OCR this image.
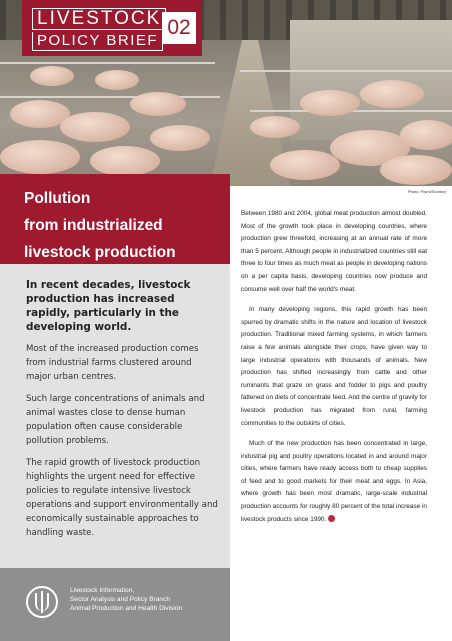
LIVESTOCK
POLICY BRIEF
02
Pollution
from industrialized
livestock production
In recent decades, livestock production has increased rapidly, particularly in the developing world.
Most of the increased production comes from industrial farms clustered around major urban centres.
Such large concentrations of animals and animal wastes close to dense human population often cause considerable pollution problems.
The rapid growth of livestock production highlights the urgent need for effective policies to regulate intensive livestock operations and support environmentally and economically sustainable approaches to handling waste.
Livestock Information,
Sector Analysis and Policy Branch
Animal Production and Health Division
Photo: Fiorni/Scoticry

Between 1980 and 2004, global meat production almost doubled. Most of the growth took place in developing countries, where production grew threefold, increasing at an annual rate of more than 5 percent. Although people in industrialized countries still eat three to four times as much meat as people in developing nations on a per capita basis, developing countries now produce and consume well over half the world's meat.

In many developing regions, this rapid growth has been spurred by dramatic shifts in the nature and location of livestock production. Traditional mixed farming systems, in which farmers raise a few animals alongside their crops, have given way to large industrial operations with thousands of animals. New production has shifted increasingly from cattle and other ruminants that graze on grass and fodder to pigs and poultry fattened on diets of concentrate feed. And the centre of gravity for livestock production has migrated from rural, farming communities to the outskirts of cities.

Much of the new production has been concentrated in large, industrial pig and poultry operations located in and around major cities, where farmers have ready access both to cheap supplies of feed and to good markets for their meat and eggs. In Asia, where growth has been most dramatic, large-scale industrial production accounts for roughly 80 percent of the total increase in livestock products since 1990.
